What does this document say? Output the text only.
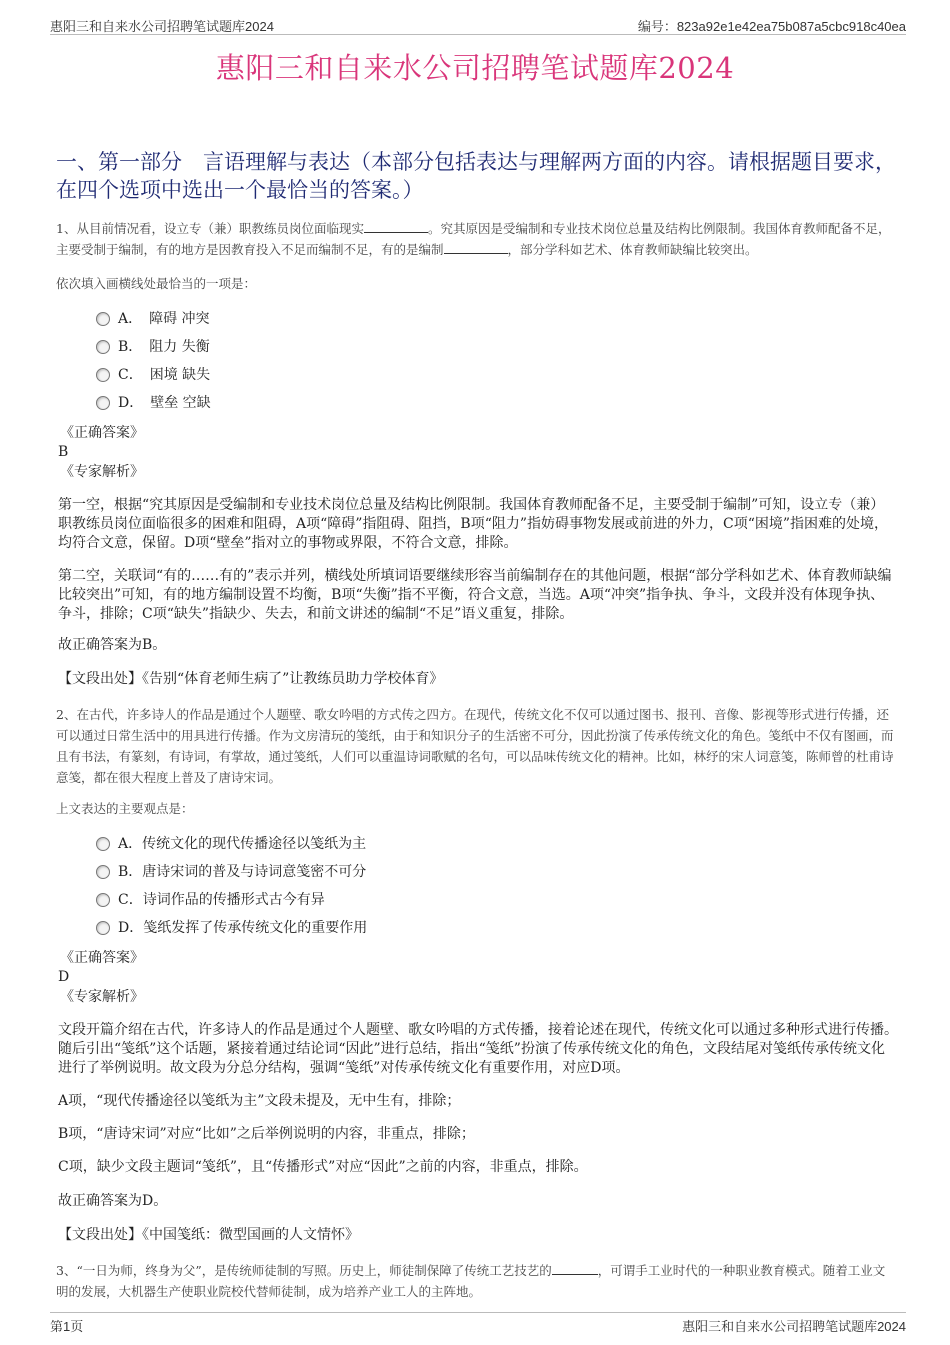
惠阳三和自来水公司招聘笔试题库2024	编号：823a92e1e42ea75b087a5cbc918c40ea
惠阳三和自来水公司招聘笔试题库2024
一、第一部分　言语理解与表达（本部分包括表达与理解两方面的内容。请根据题目要求，在四个选项中选出一个最恰当的答案。）
1、从目前情况看，设立专（兼）职教练员岗位面临现实	。究其原因是受编制和专业技术岗位总量及结构比例限制。我国体育教师配备不足，主要受制于编制，有的地方是因教育投入不足而编制不足，有的是编制	，部分学科如艺术、体育教师缺编比较突出。
依次填入画横线处最恰当的一项是：
A．　障碍 冲突
B．　阻力 失衡
C．　困境 缺失
D．　壁垒 空缺
《正确答案》
B
《专家解析》
第一空，根据“究其原因是受编制和专业技术岗位总量及结构比例限制。我国体育教师配备不足，主要受制于编制”可知，设立专（兼）职教练员岗位面临很多的困难和阻碍，A项“障碍”指阻碍、阻挡，B项“阻力”指妨碍事物发展或前进的外力，C项“困境”指困难的处境，均符合文意，保留。D项“壁垒”指对立的事物或界限，不符合文意，排除。
第二空，关联词“有的……有的”表示并列，横线处所填词语要继续形容当前编制存在的其他问题，根据“部分学科如艺术、体育教师缺编比较突出”可知，有的地方编制设置不均衡，B项“失衡”指不平衡，符合文意，当选。A项“冲突”指争执、争斗，文段并没有体现争执、争斗，排除；C项“缺失”指缺少、失去，和前文讲述的编制“不足”语义重复，排除。
故正确答案为B。
【文段出处】《告别“体育老师生病了”让教练员助力学校体育》
2、在古代，许多诗人的作品是通过个人题壁、歌女吟唱的方式传之四方。在现代，传统文化不仅可以通过图书、报刊、音像、影视等形式进行传播，还可以通过日常生活中的用具进行传播。作为文房清玩的笺纸，由于和知识分子的生活密不可分，因此扮演了传承传统文化的角色。笺纸中不仅有图画，而且有书法，有篆刻，有诗词，有掌故，通过笺纸，人们可以重温诗词歌赋的名句，可以品味传统文化的精神。比如，林纾的宋人词意笺，陈师曾的杜甫诗意笺，都在很大程度上普及了唐诗宋词。
上文表达的主要观点是：
A．传统文化的现代传播途径以笺纸为主
B．唐诗宋词的普及与诗词意笺密不可分
C．诗词作品的传播形式古今有异
D．笺纸发挥了传承传统文化的重要作用
《正确答案》
D
《专家解析》
文段开篇介绍在古代，许多诗人的作品是通过个人题壁、歌女吟唱的方式传播，接着论述在现代，传统文化可以通过多种形式进行传播。随后引出“笺纸”这个话题，紧接着通过结论词“因此”进行总结，指出“笺纸”扮演了传承传统文化的角色，文段结尾对笺纸传承传统文化进行了举例说明。故文段为分总分结构，强调“笺纸”对传承传统文化有重要作用，对应D项。
A项，“现代传播途径以笺纸为主”文段未提及，无中生有，排除；
B项，“唐诗宋词”对应“比如”之后举例说明的内容，非重点，排除；
C项，缺少文段主题词“笺纸”，且“传播形式”对应“因此”之前的内容，非重点，排除。
故正确答案为D。
【文段出处】《中国笺纸：微型国画的人文情怀》
3、“一日为师，终身为父”，是传统师徒制的写照。历史上，师徒制保障了传统工艺技艺的	，可谓手工业时代的一种职业教育模式。随着工业文明的发展，大机器生产使职业院校代替师徒制，成为培养产业工人的主阵地。
第1页	惠阳三和自来水公司招聘笔试题库2024
